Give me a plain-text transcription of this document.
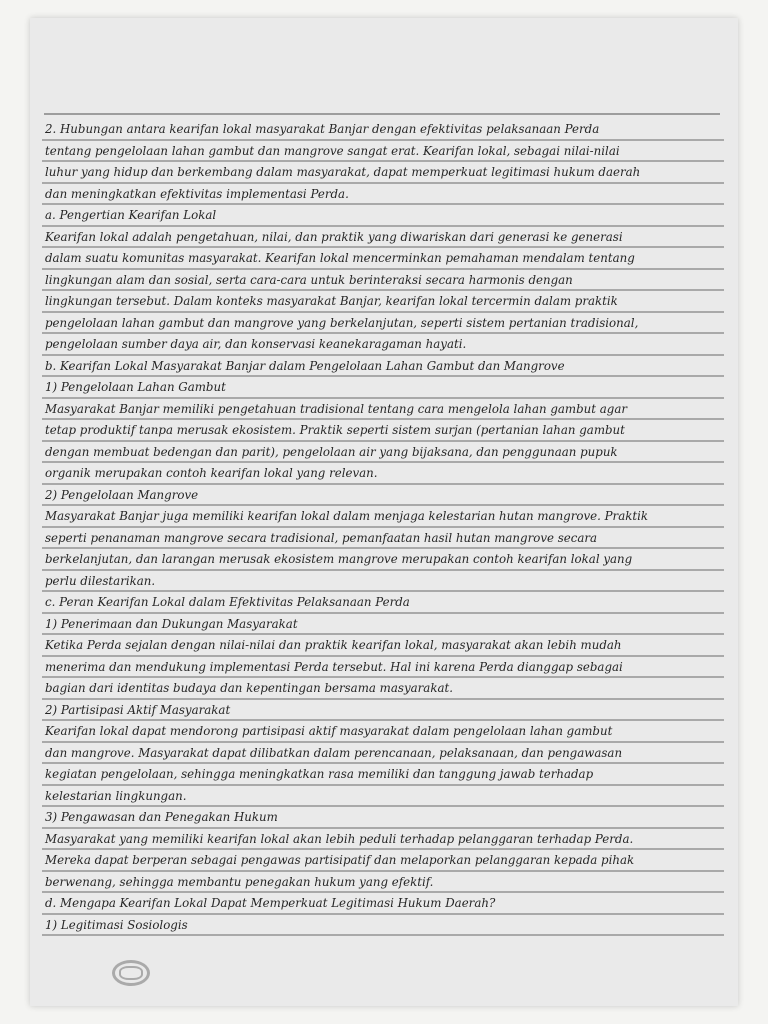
2. Hubungan antara kearifan lokal masyarakat Banjar dengan efektivitas pelaksanaan Perda
tentang pengelolaan lahan gambut dan mangrove sangat erat. Kearifan lokal, sebagai nilai-nilai
luhur yang hidup dan berkembang dalam masyarakat, dapat memperkuat legitimasi hukum daerah
dan meningkatkan efektivitas implementasi Perda.
a. Pengertian Kearifan Lokal
Kearifan lokal adalah pengetahuan, nilai, dan praktik yang diwariskan dari generasi ke generasi
dalam suatu komunitas masyarakat. Kearifan lokal mencerminkan pemahaman mendalam tentang
lingkungan alam dan sosial, serta cara-cara untuk berinteraksi secara harmonis dengan
lingkungan tersebut. Dalam konteks masyarakat Banjar, kearifan lokal tercermin dalam praktik
pengelolaan lahan gambut dan mangrove yang berkelanjutan, seperti sistem pertanian tradisional,
pengelolaan sumber daya air, dan konservasi keanekaragaman hayati.
b. Kearifan Lokal Masyarakat Banjar dalam Pengelolaan Lahan Gambut dan Mangrove
1) Pengelolaan Lahan Gambut
Masyarakat Banjar memiliki pengetahuan tradisional tentang cara mengelola lahan gambut agar
tetap produktif tanpa merusak ekosistem. Praktik seperti sistem surjan (pertanian lahan gambut
dengan membuat bedengan dan parit), pengelolaan air yang bijaksana, dan penggunaan pupuk
organik merupakan contoh kearifan lokal yang relevan.
2) Pengelolaan Mangrove
Masyarakat Banjar juga memiliki kearifan lokal dalam menjaga kelestarian hutan mangrove. Praktik
seperti penanaman mangrove secara tradisional, pemanfaatan hasil hutan mangrove secara
berkelanjutan, dan larangan merusak ekosistem mangrove merupakan contoh kearifan lokal yang
perlu dilestarikan.
c. Peran Kearifan Lokal dalam Efektivitas Pelaksanaan Perda
1) Penerimaan dan Dukungan Masyarakat
Ketika Perda sejalan dengan nilai-nilai dan praktik kearifan lokal, masyarakat akan lebih mudah
menerima dan mendukung implementasi Perda tersebut. Hal ini karena Perda dianggap sebagai
bagian dari identitas budaya dan kepentingan bersama masyarakat.
2) Partisipasi Aktif Masyarakat
Kearifan lokal dapat mendorong partisipasi aktif masyarakat dalam pengelolaan lahan gambut
dan mangrove. Masyarakat dapat dilibatkan dalam perencanaan, pelaksanaan, dan pengawasan
kegiatan pengelolaan, sehingga meningkatkan rasa memiliki dan tanggung jawab terhadap
kelestarian lingkungan.
3) Pengawasan dan Penegakan Hukum
Masyarakat yang memiliki kearifan lokal akan lebih peduli terhadap pelanggaran terhadap Perda.
Mereka dapat berperan sebagai pengawas partisipatif dan melaporkan pelanggaran kepada pihak
berwenang, sehingga membantu penegakan hukum yang efektif.
d. Mengapa Kearifan Lokal Dapat Memperkuat Legitimasi Hukum Daerah?
1) Legitimasi Sosiologis
